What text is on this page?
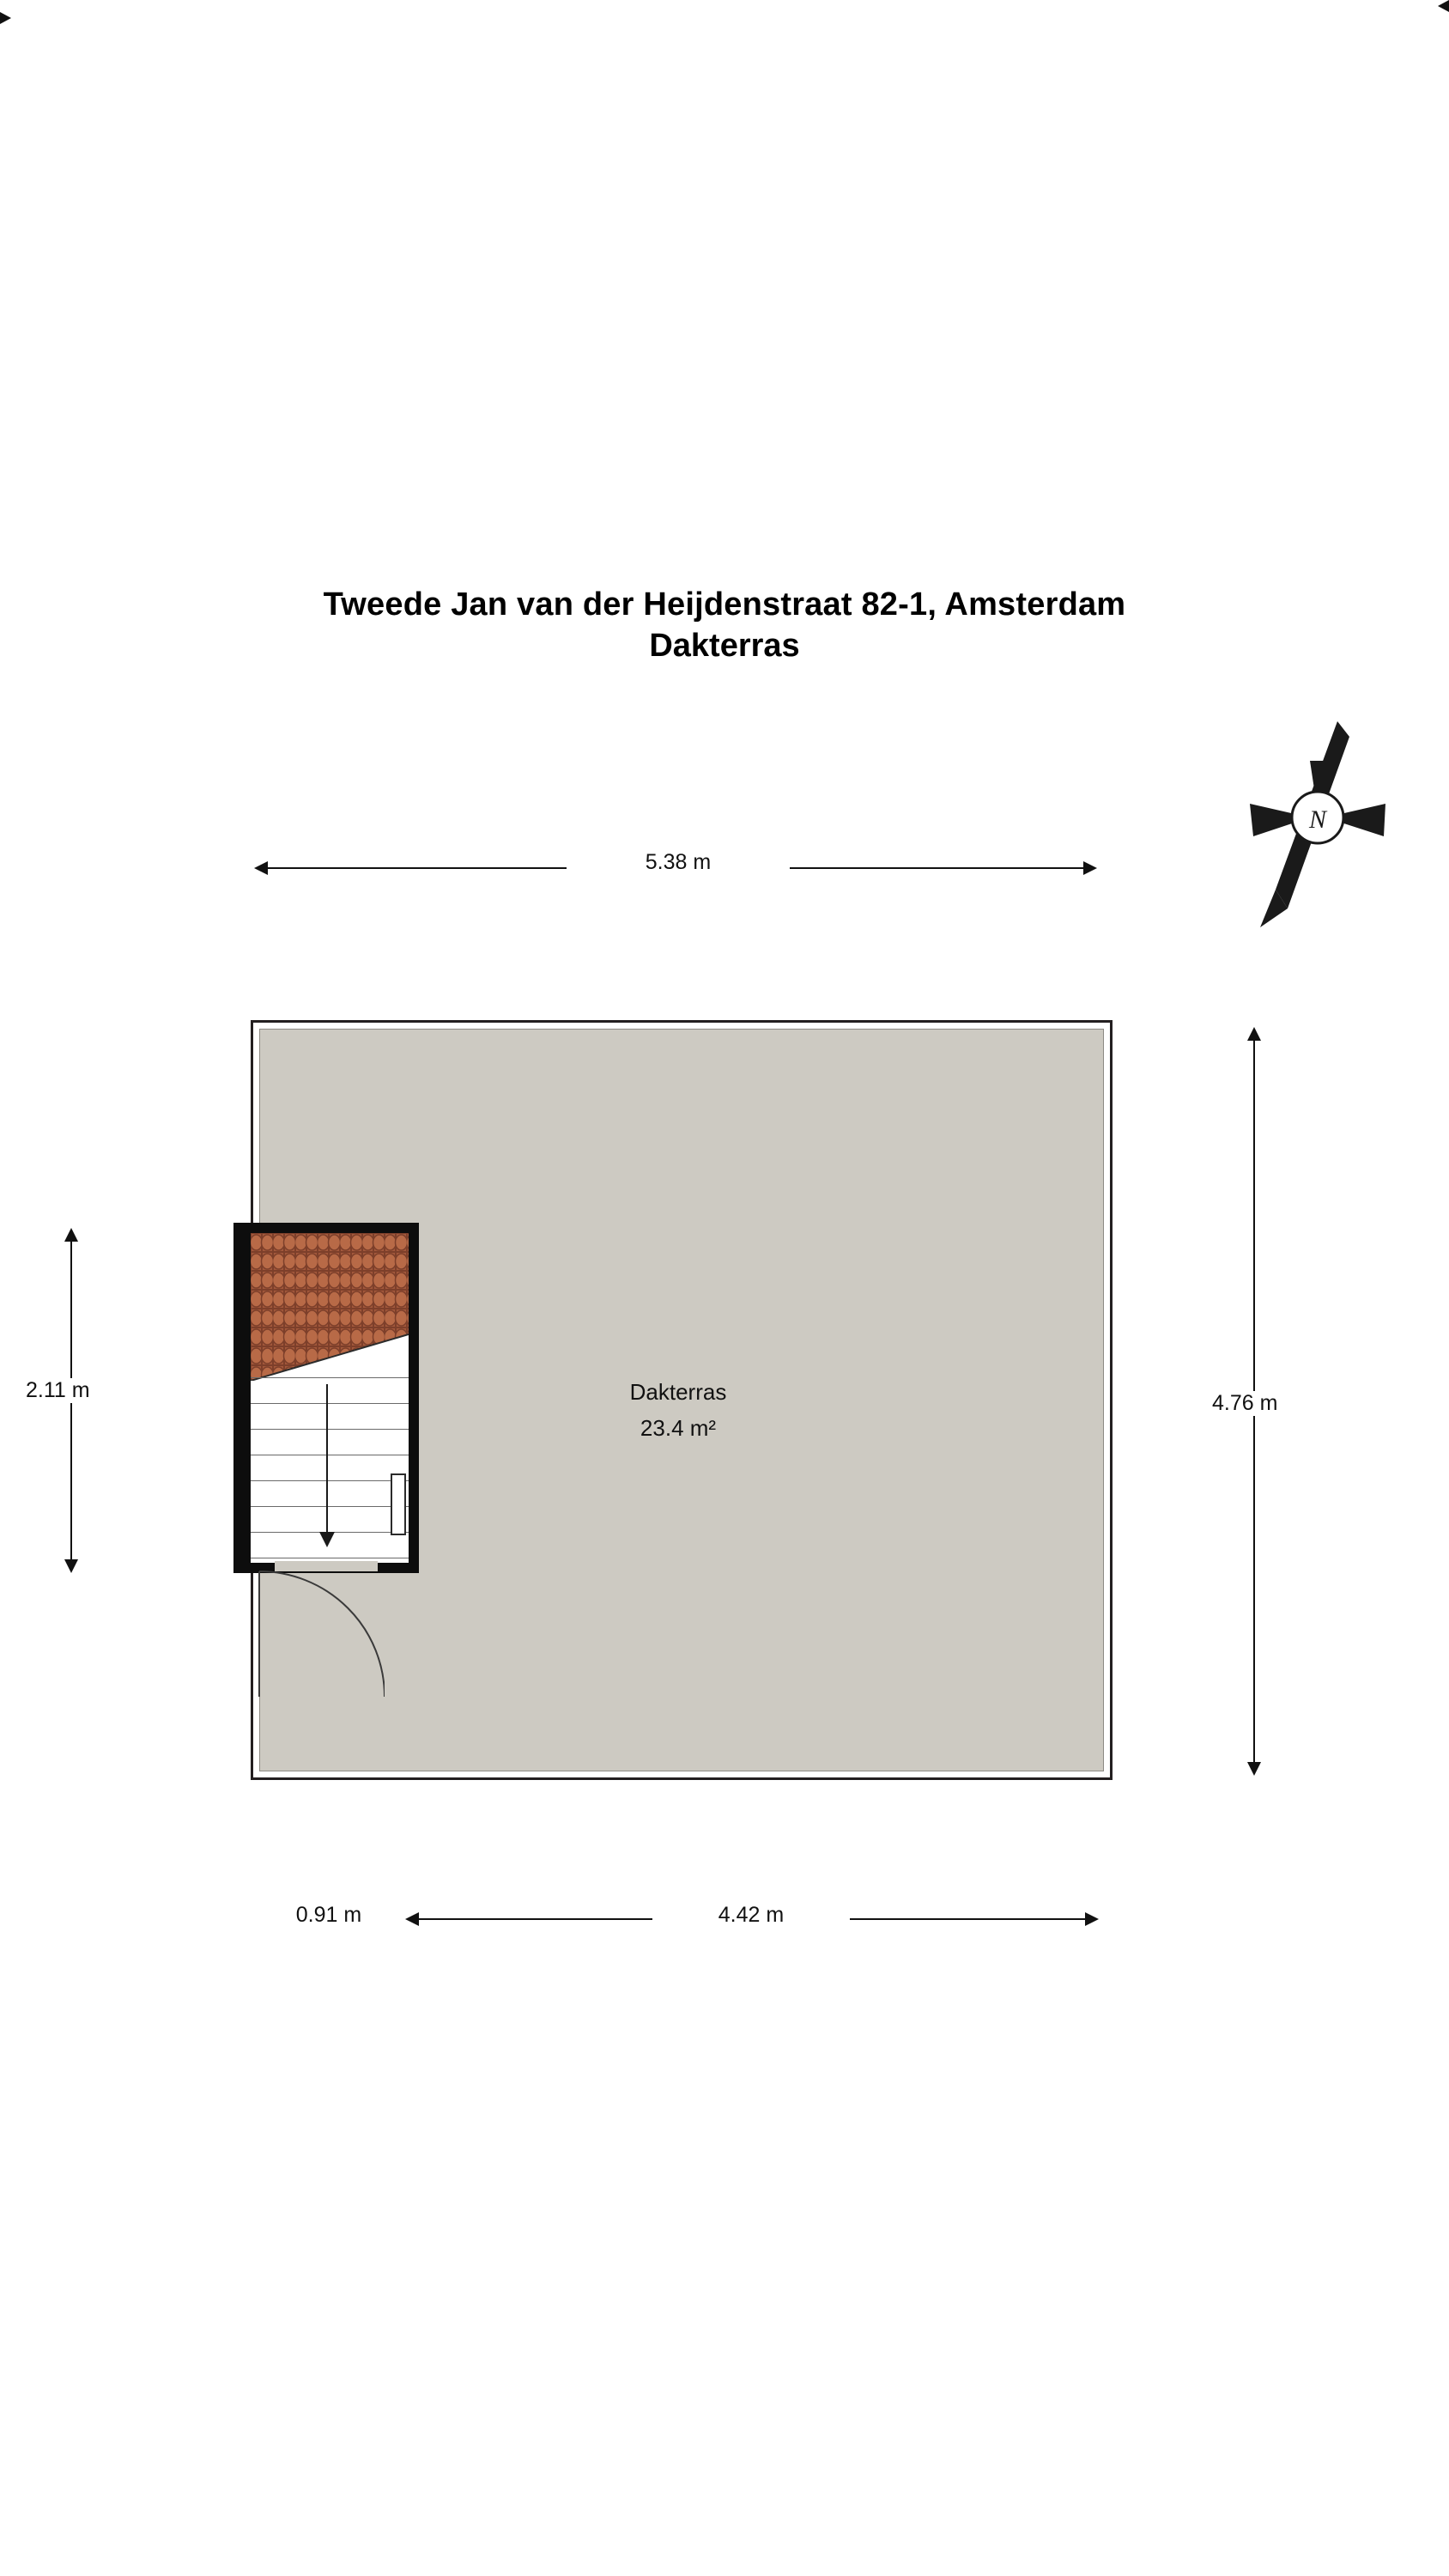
Tweede Jan van der Heijdenstraat 82-1, Amsterdam
Dakterras
Dakterras
23.4 m²
5.38 m
4.76 m
2.11 m
0.91 m	4.42 m
N
